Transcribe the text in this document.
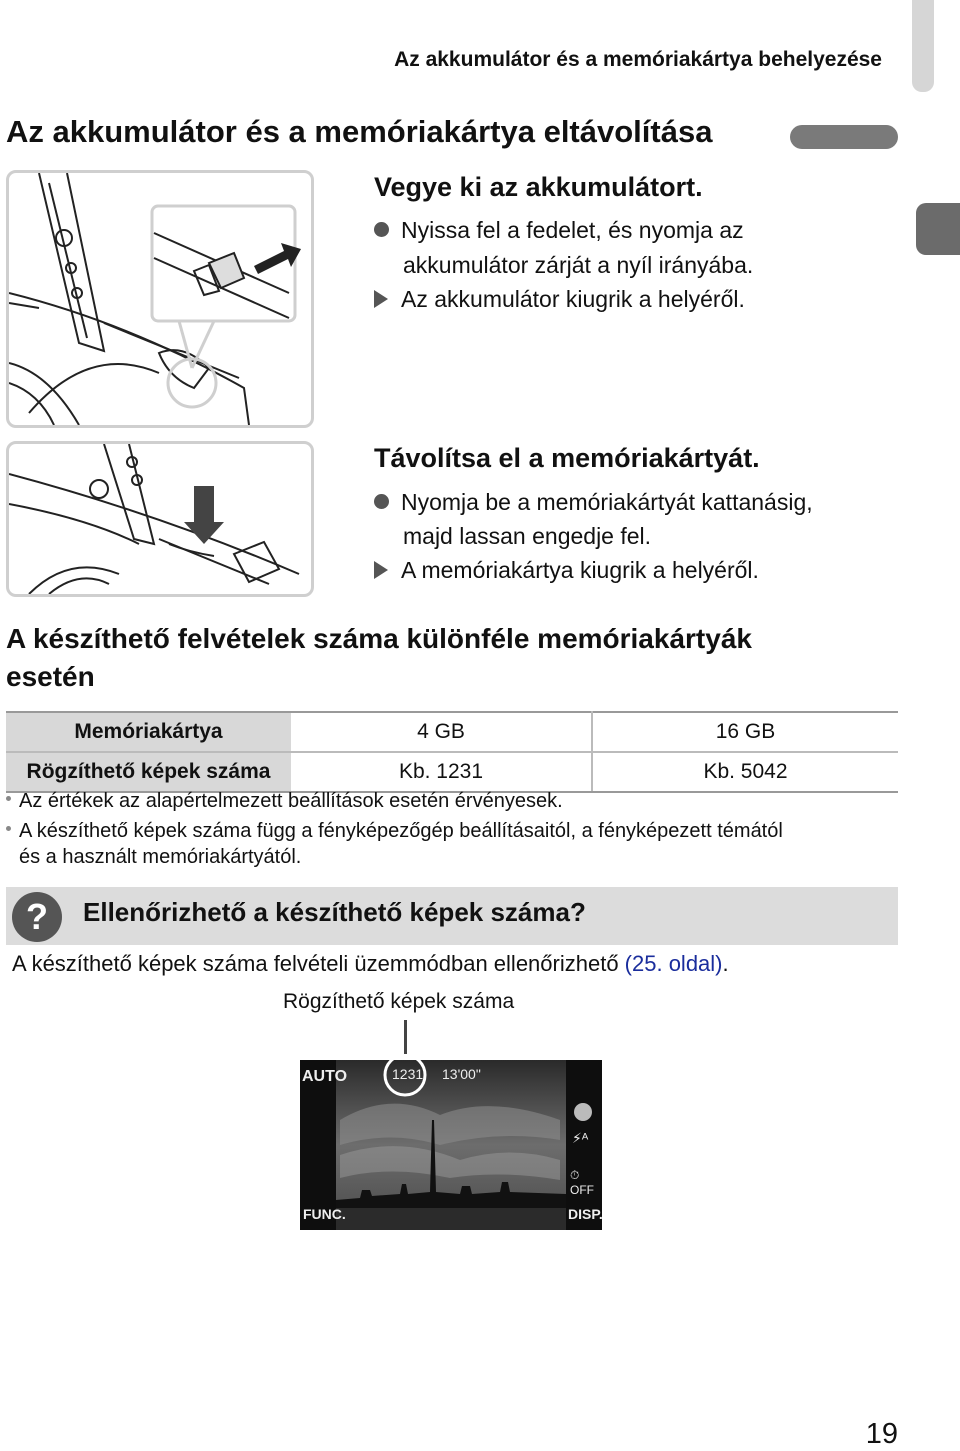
Az akkumulátor és a memóriakártya behelyezése
Az akkumulátor és a memóriakártya eltávolítása
Vegye ki az akkumulátort.
Nyissa fel a fedelet, és nyomja az
akkumulátor zárját a nyíl irányába.
Az akkumulátor kiugrik a helyéről.
Távolítsa el a memóriakártyát.
Nyomja be a memóriakártyát kattanásig,
majd lassan engedje fel.
A memóriakártya kiugrik a helyéről.
A készíthető felvételek száma különféle memóriakártyák
esetén
Memóriakártya	4 GB	16 GB
Rögzíthető képek száma	Kb. 1231	Kb. 5042
Az értékek az alapértelmezett beállítások esetén érvényesek.
A készíthető képek száma függ a fényképezőgép beállításaitól, a fényképezett témától
és a használt memóriakártyától.
?	Ellenőrizhető a készíthető képek száma?
A készíthető képek száma felvételi üzemmódban ellenőrizhető (25. oldal).
Rögzíthető képek száma
AUTO	1231 13'00"
⚡ᴬ
⏱OFF
FUNC.	DISP.
19
